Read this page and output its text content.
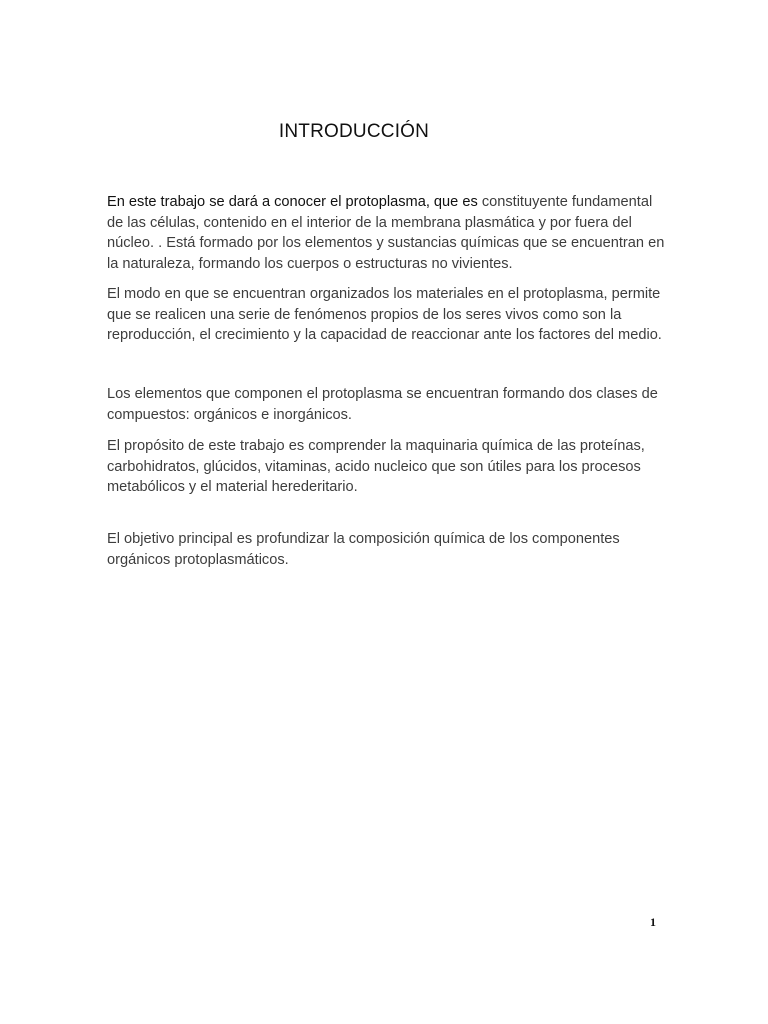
INTRODUCCIÓN

En este trabajo se dará a conocer el protoplasma, que es constituyente fundamental de las células, contenido en el interior de la membrana plasmática y por fuera del núcleo. . Está formado por los elementos y sustancias químicas que se encuentran en la naturaleza, formando los cuerpos o estructuras no vivientes.

El modo en que se encuentran organizados los materiales en el protoplasma, permite que se realicen una serie de fenómenos propios de los seres vivos como son la reproducción, el crecimiento y la capacidad de reaccionar ante los factores del medio.

Los elementos que componen el protoplasma se encuentran formando dos clases de compuestos: orgánicos e inorgánicos.

El propósito de este trabajo es comprender la maquinaria química de las proteínas, carbohidratos, glúcidos, vitaminas, acido nucleico que son útiles para los procesos metabólicos y el material herederitario.

El objetivo principal es profundizar la composición química de los componentes orgánicos protoplasmáticos.

1
